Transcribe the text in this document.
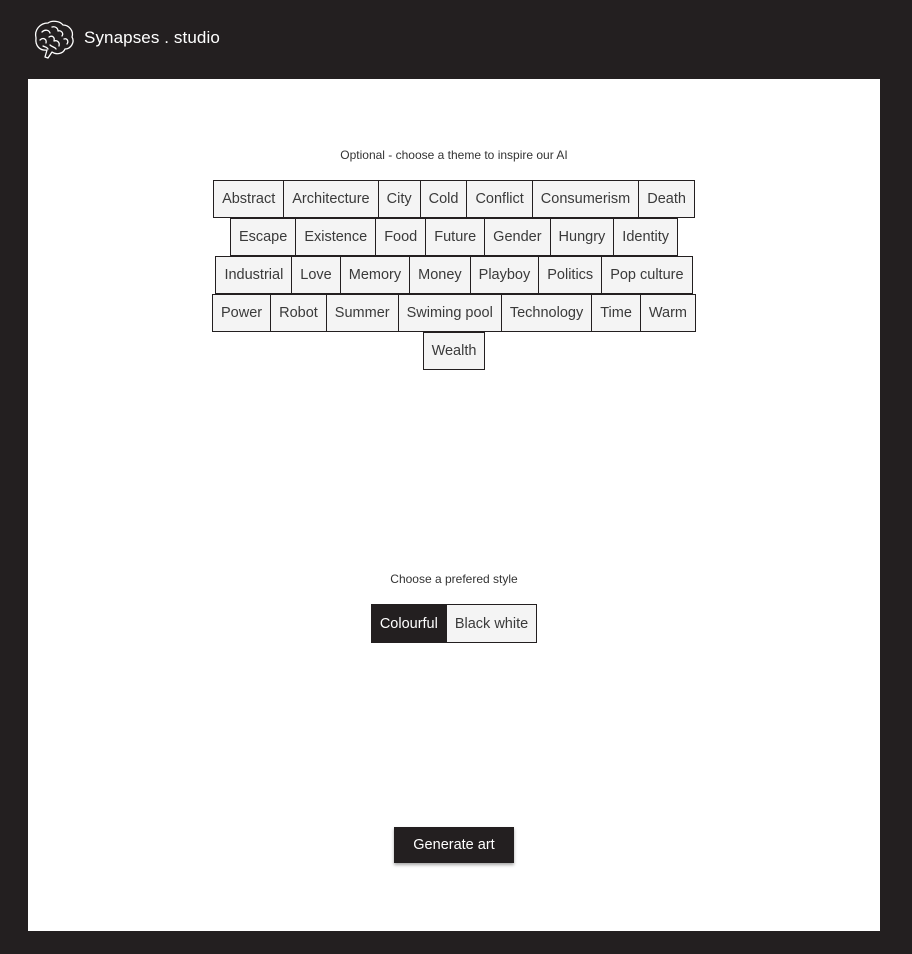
Synapses . studio
Optional - choose a theme to inspire our AI
Abstract	Architecture	City	Cold	Conflict	Consumerism	Death
Escape	Existence	Food	Future	Gender	Hungry	Identity
Industrial	Love	Memory	Money	Playboy	Politics	Pop culture
Power	Robot	Summer	Swiming pool	Technology	Time	Warm
Wealth
Choose a prefered style
Colourful	Black white
Generate art
